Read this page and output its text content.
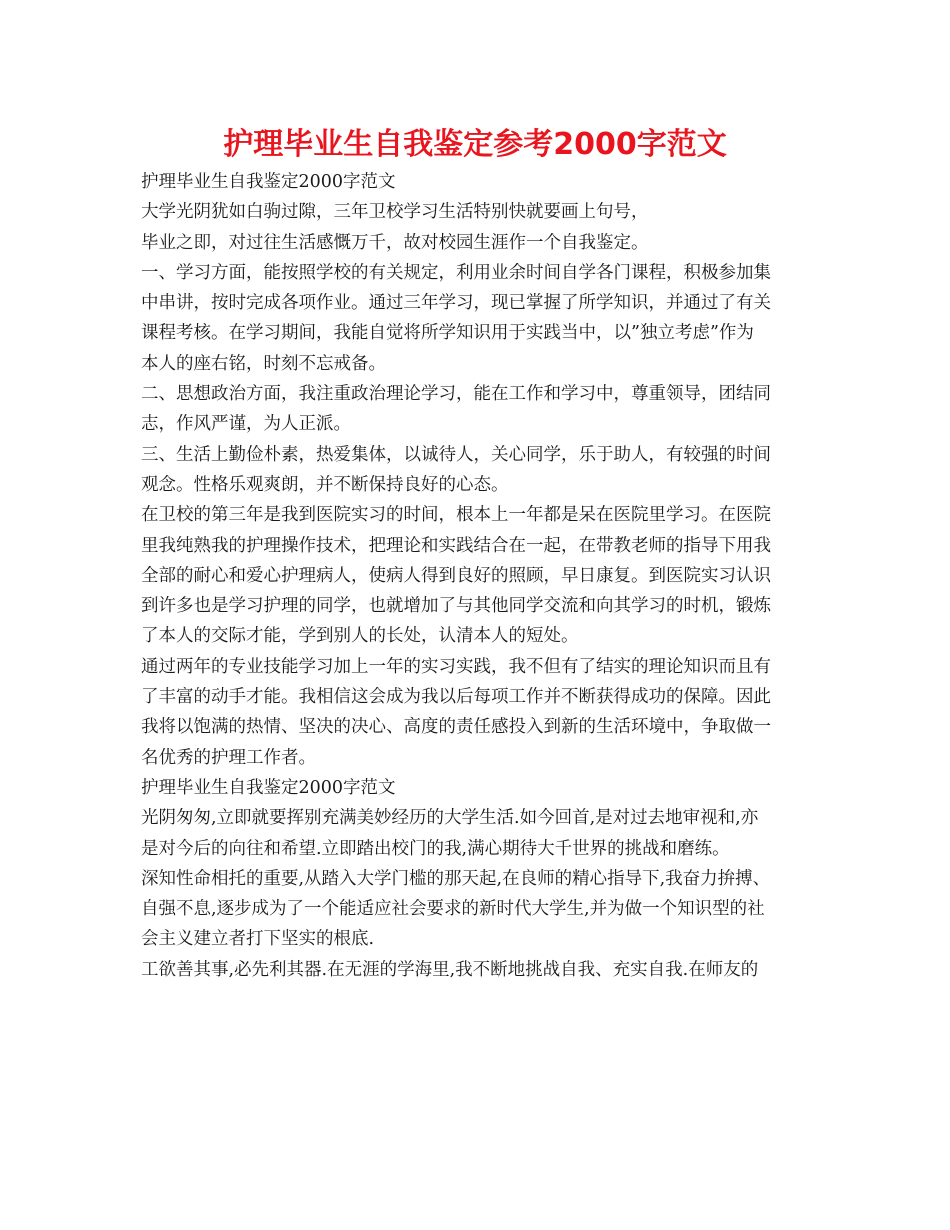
护理毕业生自我鉴定参考2000字范文
护理毕业生自我鉴定2000字范文
大学光阴犹如白驹过隙，三年卫校学习生活特别快就要画上句号，
毕业之即，对过往生活感慨万千，故对校园生涯作一个自我鉴定。
一、学习方面，能按照学校的有关规定，利用业余时间自学各门课程，积极参加集
中串讲，按时完成各项作业。通过三年学习，现已掌握了所学知识，并通过了有关
课程考核。在学习期间，我能自觉将所学知识用于实践当中，以”独立考虑”作为
本人的座右铭，时刻不忘戒备。
二、思想政治方面，我注重政治理论学习，能在工作和学习中，尊重领导，团结同
志，作风严谨，为人正派。
三、生活上勤俭朴素，热爱集体，以诚待人，关心同学，乐于助人，有较强的时间
观念。性格乐观爽朗，并不断保持良好的心态。
在卫校的第三年是我到医院实习的时间，根本上一年都是呆在医院里学习。在医院
里我纯熟我的护理操作技术，把理论和实践结合在一起，在带教老师的指导下用我
全部的耐心和爱心护理病人，使病人得到良好的照顾，早日康复。到医院实习认识
到许多也是学习护理的同学，也就增加了与其他同学交流和向其学习的时机，锻炼
了本人的交际才能，学到别人的长处，认清本人的短处。
通过两年的专业技能学习加上一年的实习实践，我不但有了结实的理论知识而且有
了丰富的动手才能。我相信这会成为我以后每项工作并不断获得成功的保障。因此
我将以饱满的热情、坚决的决心、高度的责任感投入到新的生活环境中，争取做一
名优秀的护理工作者。
护理毕业生自我鉴定2000字范文
光阴匆匆,立即就要挥别充满美妙经历的大学生活.如今回首,是对过去地审视和,亦
是对今后的向往和希望.立即踏出校门的我,满心期待大千世界的挑战和磨练。
深知性命相托的重要,从踏入大学门槛的那天起,在良师的精心指导下,我奋力拚搏、
自强不息,逐步成为了一个能适应社会要求的新时代大学生,并为做一个知识型的社
会主义建立者打下坚实的根底.
工欲善其事,必先利其器.在无涯的学海里,我不断地挑战自我、充实自我.在师友的
